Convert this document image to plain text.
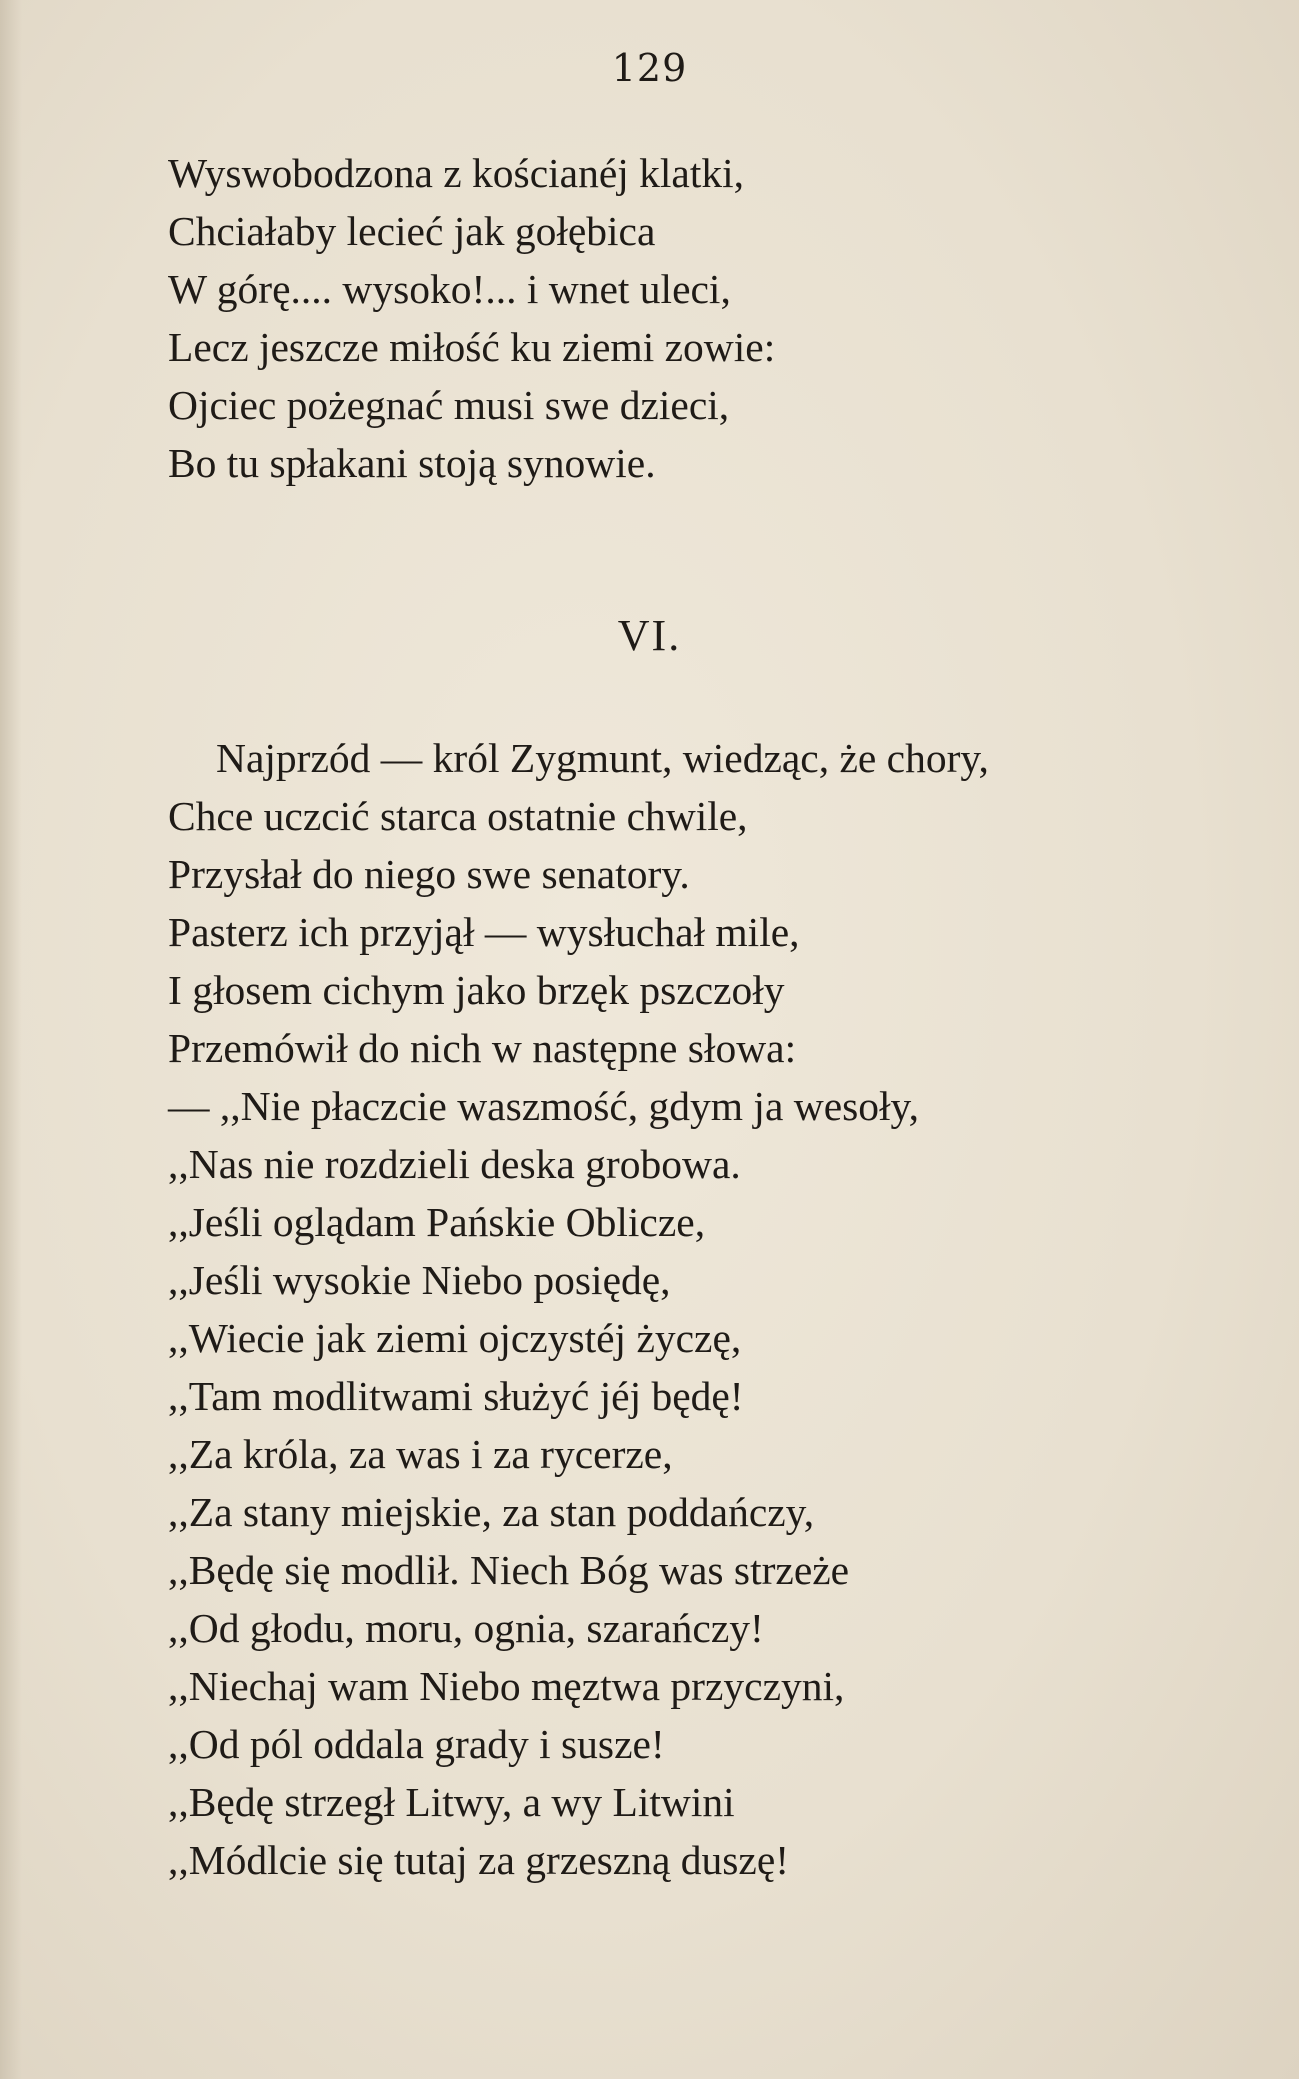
129
Wyswobodzona z kościanéj klatki,
Chciałaby lecieć jak gołębica
W górę.... wysoko!... i wnet uleci,
Lecz jeszcze miłość ku ziemi zowie:
Ojciec pożegnać musi swe dzieci,
Bo tu spłakani stoją synowie.
VI.
Najprzód — król Zygmunt, wiedząc, że chory,
Chce uczcić starca ostatnie chwile,
Przysłał do niego swe senatory.
Pasterz ich przyjął — wysłuchał mile,
I głosem cichym jako brzęk pszczoły
Przemówił do nich w następne słowa:
— ,,Nie płaczcie waszmość, gdym ja wesoły,
,,Nas nie rozdzieli deska grobowa.
,,Jeśli oglądam Pańskie Oblicze,
,,Jeśli wysokie Niebo posiędę,
,,Wiecie jak ziemi ojczystéj życzę,
,,Tam modlitwami służyć jéj będę!
,,Za króla, za was i za rycerze,
,,Za stany miejskie, za stan poddańczy,
,,Będę się modlił. Niech Bóg was strzeże
,,Od głodu, moru, ognia, szarańczy!
,,Niechaj wam Niebo męztwa przyczyni,
,,Od pól oddala grady i susze!
,,Będę strzegł Litwy, a wy Litwini
,,Módlcie się tutaj za grzeszną duszę!
